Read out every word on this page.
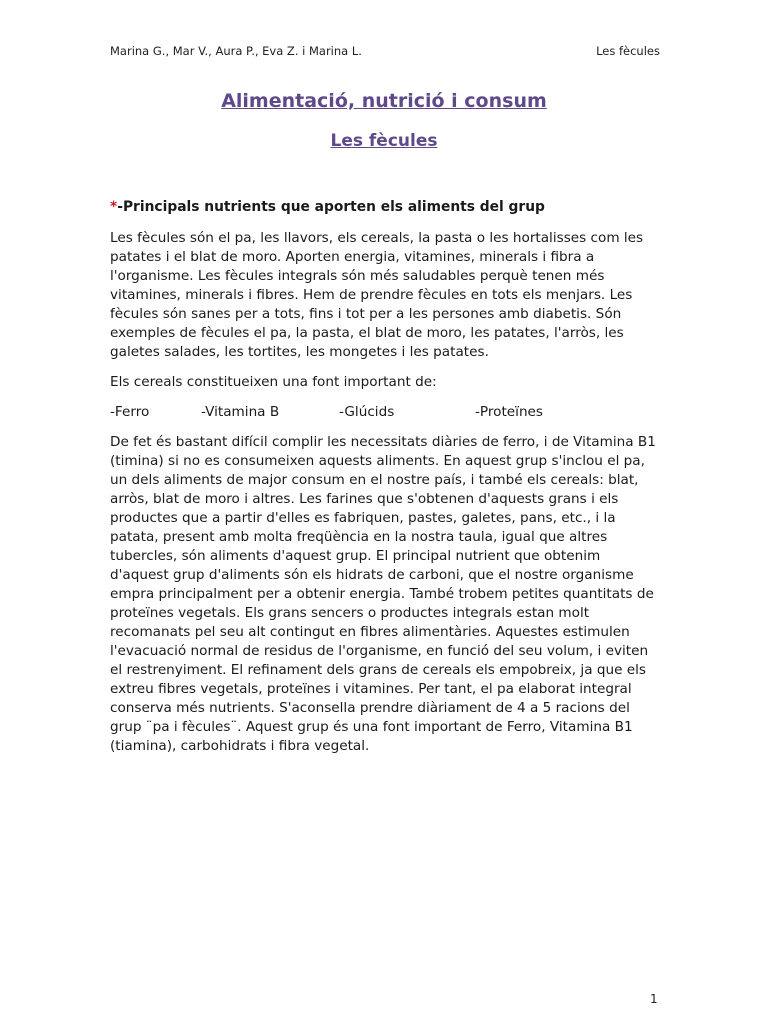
Marina G., Mar V., Aura P., Eva Z. i Marina L.	Les fècules
Alimentació, nutrició i consum
Les fècules

*-Principals nutrients que aporten els aliments del grup

Les fècules són el pa, les llavors, els cereals, la pasta o les hortalisses com les patates i el blat de moro. Aporten energia, vitamines, minerals i fibra a l'organisme. Les fècules integrals són més saludables perquè tenen més vitamines, minerals i fibres. Hem de prendre fècules en tots els menjars. Les fècules són sanes per a tots, fins i tot per a les persones amb diabetis. Són exemples de fècules el pa, la pasta, el blat de moro, les patates, l'arròs, les galetes salades, les tortites, les mongetes i les patates.

Els cereals constitueixen una font important de:

-Ferro	-Vitamina B	-Glúcids	-Proteïnes

De fet és bastant difícil complir les necessitats diàries de ferro, i de Vitamina B1 (timina) si no es consumeixen aquests aliments. En aquest grup s'inclou el pa, un dels aliments de major consum en el nostre país, i també els cereals: blat, arròs, blat de moro i altres. Les farines que s'obtenen d'aquests grans i els productes que a partir d'elles es fabriquen, pastes, galetes, pans, etc., i la patata, present amb molta freqüència en la nostra taula, igual que altres tubercles, són aliments d'aquest grup. El principal nutrient que obtenim d'aquest grup d'aliments són els hidrats de carboni, que el nostre organisme empra principalment per a obtenir energia. També trobem petites quantitats de proteïnes vegetals. Els grans sencers o productes integrals estan molt recomanats pel seu alt contingut en fibres alimentàries. Aquestes estimulen l'evacuació normal de residus de l'organisme, en funció del seu volum, i eviten el restrenyiment. El refinament dels grans de cereals els empobreix, ja que els extreu fibres vegetals, proteïnes i vitamines. Per tant, el pa elaborat integral conserva més nutrients. S'aconsella prendre diàriament de 4 a 5 racions del grup ¨pa i fècules¨. Aquest grup és una font important de Ferro, Vitamina B1 (tiamina), carbohidrats i fibra vegetal.

1
